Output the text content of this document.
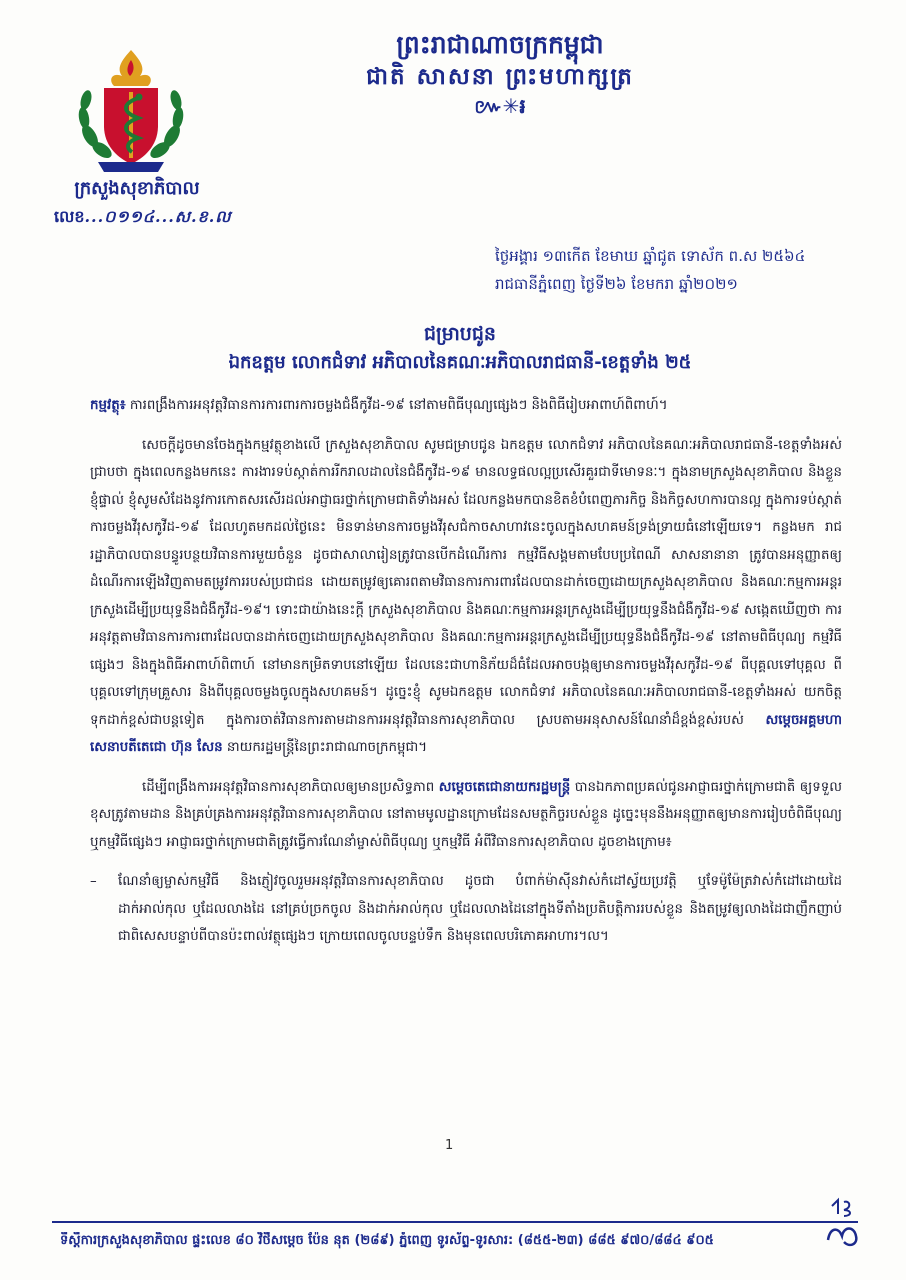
ព្រះរាជាណាចក្រកម្ពុជា
ជាតិ សាសនា ព្រះមហាក្សត្រ
៚✳៛
ក្រសួងសុខាភិបាល
លេខ...០១១៤...ស.ខ.ល
ថ្ងៃអង្គារ ១៣កើត ខែមាឃ ឆ្នាំជូត ទោស័ក ព.ស ២៥៦៤
រាជធានីភ្នំពេញ ថ្ងៃទី២៦ ខែមករា ឆ្នាំ២០២១
ជម្រាបជូន
ឯកឧត្តម លោកជំទាវ អភិបាលនៃគណៈអភិបាលរាជធានី-ខេត្តទាំង ២៥

កម្មវត្ថុ៖ ការពង្រឹងការអនុវត្តវិធានការការពារការចម្លងជំងឺកូវីដ-១៩ នៅតាមពិធីបុណ្យផ្សេងៗ និងពិធីរៀបអាពាហ៍ពិពាហ៍។

សេចក្តីដូចមានចែងក្នុងកម្មវត្ថុខាងលើ ក្រសួងសុខាភិបាល សូមជម្រាបជូន ឯកឧត្តម លោកជំទាវ អភិបាលនៃគណៈអភិបាលរាជធានី-ខេត្តទាំងអស់ជ្រាបថា ក្នុងពេលកន្លងមកនេះ ការងារទប់ស្កាត់ការរីករាលដាលនៃជំងឺកូវីដ-១៩ មានលទ្ធផលល្អប្រសើរគួរជាទីមោទនៈ។ ក្នុងនាមក្រសួងសុខាភិបាល និងខ្លួនខ្ញុំផ្ទាល់ ខ្ញុំសូមសំដែងនូវការកោតសរសើរដល់អាជ្ញាធរថ្នាក់ក្រោមជាតិទាំងអស់ ដែលកន្លងមកបានខិតខំបំពេញភារកិច្ច និងកិច្ចសហការបានល្អ ក្នុងការទប់ស្កាត់ការចម្លងវីរុសកូវីដ-១៩ ដែលហូតមកដល់ថ្ងៃនេះ មិនទាន់មានការចម្លងវីរុសជំកាចសាហាវនេះចូលក្នុងសហគមន៍ទ្រង់ទ្រាយធំនៅឡើយទេ។ កន្លងមក រាជរដ្ឋាភិបាលបានបន្ធូរបន្ថយវិធានការមួយចំនួន ដូចជាសាលារៀនត្រូវបានបើកដំណើរការ កម្មវិធីសង្គមតាមបែបប្រពៃណី សាសនានានា ត្រូវបានអនុញ្ញាតឲ្យដំណើរការឡើងវិញតាមតម្រូវការរបស់ប្រជាជន ដោយតម្រូវឲ្យគោរពតាមវិធានការការពារដែលបានដាក់ចេញដោយក្រសួងសុខាភិបាល និងគណៈកម្មការអន្តរក្រសួងដើម្បីប្រយុទ្ធនឹងជំងឺកូវីដ-១៩។ ទោះជាយ៉ាងនេះក្តី ក្រសួងសុខាភិបាល និងគណៈកម្មការអន្តរក្រសួងដើម្បីប្រយុទ្ធនឹងជំងឺកូវីដ-១៩ សង្កេតឃើញថា ការអនុវត្តតាមវិធានការការពារដែលបានដាក់ចេញដោយក្រសួងសុខាភិបាល និងគណៈកម្មការអន្តរក្រសួងដើម្បីប្រយុទ្ធនឹងជំងឺកូវីដ-១៩ នៅតាមពិធីបុណ្យ កម្មវិធីផ្សេងៗ និងក្នុងពិធីអាពាហ៍ពិពាហ៍ នៅមានកម្រិតទាបនៅឡើយ ដែលនេះជាហានិភ័យដ៏ធំដែលអាចបង្កឲ្យមានការចម្លងវីរុសកូវីដ-១៩ ពីបុគ្គលទៅបុគ្គល ពីបុគ្គលទៅក្រុមគ្រួសារ និងពីបុគ្គលចម្លងចូលក្នុងសហគមន៍។ ដូច្នេះខ្ញុំ សូមឯកឧត្តម លោកជំទាវ អភិបាលនៃគណៈអភិបាលរាជធានី-ខេត្តទាំងអស់ យកចិត្តទុកដាក់ខ្ពស់ជាបន្តទៀត ក្នុងការចាត់វិធានការតាមដានការអនុវត្តវិធានការសុខាភិបាល ស្របតាមអនុសាសន៍ណែនាំដ៏ខ្ពង់ខ្ពស់របស់ សម្តេចអគ្គមហាសេនាបតីតេជោ ហ៊ុន សែន នាយករដ្ឋមន្ត្រីនៃព្រះរាជាណាចក្រកម្ពុជា។

ដើម្បីពង្រឹងការអនុវត្តវិធានការសុខាភិបាលឲ្យមានប្រសិទ្ធភាព សម្តេចតេជោនាយករដ្ឋមន្ត្រី បានឯកភាពប្រគល់ជូនអាជ្ញាធរថ្នាក់ក្រោមជាតិ ឲ្យទទួលខុសត្រូវតាមដាន និងគ្រប់គ្រងការអនុវត្តវិធានការសុខាភិបាល នៅតាមមូលដ្ឋានក្រោមដែនសមត្ថកិច្ចរបស់ខ្លួន ដូច្នេះមុននឹងអនុញ្ញាតឲ្យមានការរៀបចំពិធីបុណ្យ ឬកម្មវិធីផ្សេងៗ អាជ្ញាធរថ្នាក់ក្រោមជាតិត្រូវធ្វើការណែនាំម្ចាស់ពិធីបុណ្យ ឬកម្មវិធី អំពីវិធានការសុខាភិបាល ដូចខាងក្រោម៖

–	ណែនាំឲ្យម្ចាស់កម្មវិធី និងភ្ញៀវចូលរួមអនុវត្តវិធានការសុខាភិបាល ដូចជា បំពាក់ម៉ាស៊ីនវាស់កំដៅស្វ័យប្រវត្តិ ឬទែម៉ូម៉ែត្រវាស់កំដៅដោយដៃ ដាក់អាល់កុល ឬដែលលាងដៃ នៅគ្រប់ច្រកចូល និងដាក់អាល់កុល ឬដែលលាងដៃនៅក្នុងទីតាំងប្រតិបត្តិការរបស់ខ្លួន និងតម្រូវឲ្យលាងដៃជាញឹកញាប់ ជាពិសេសបន្ទាប់ពីបានប៉ះពាល់វត្ថុផ្សេងៗ ក្រោយពេលចូលបន្ទប់ទឹក និងមុនពេលបរិភោគអាហារ។ល។
1
ទីស្តីការក្រសួងសុខាភិបាល ផ្ទះលេខ ៨០ វិថីសម្តេច ប៉ែន នុត (២៨៩) ភ្នំពេញ ទូរស័ព្ទ-ទូរសារ: (៨៥៥-២៣) ៨៨៥ ៩៧០/៨៨៤ ៩០៥
